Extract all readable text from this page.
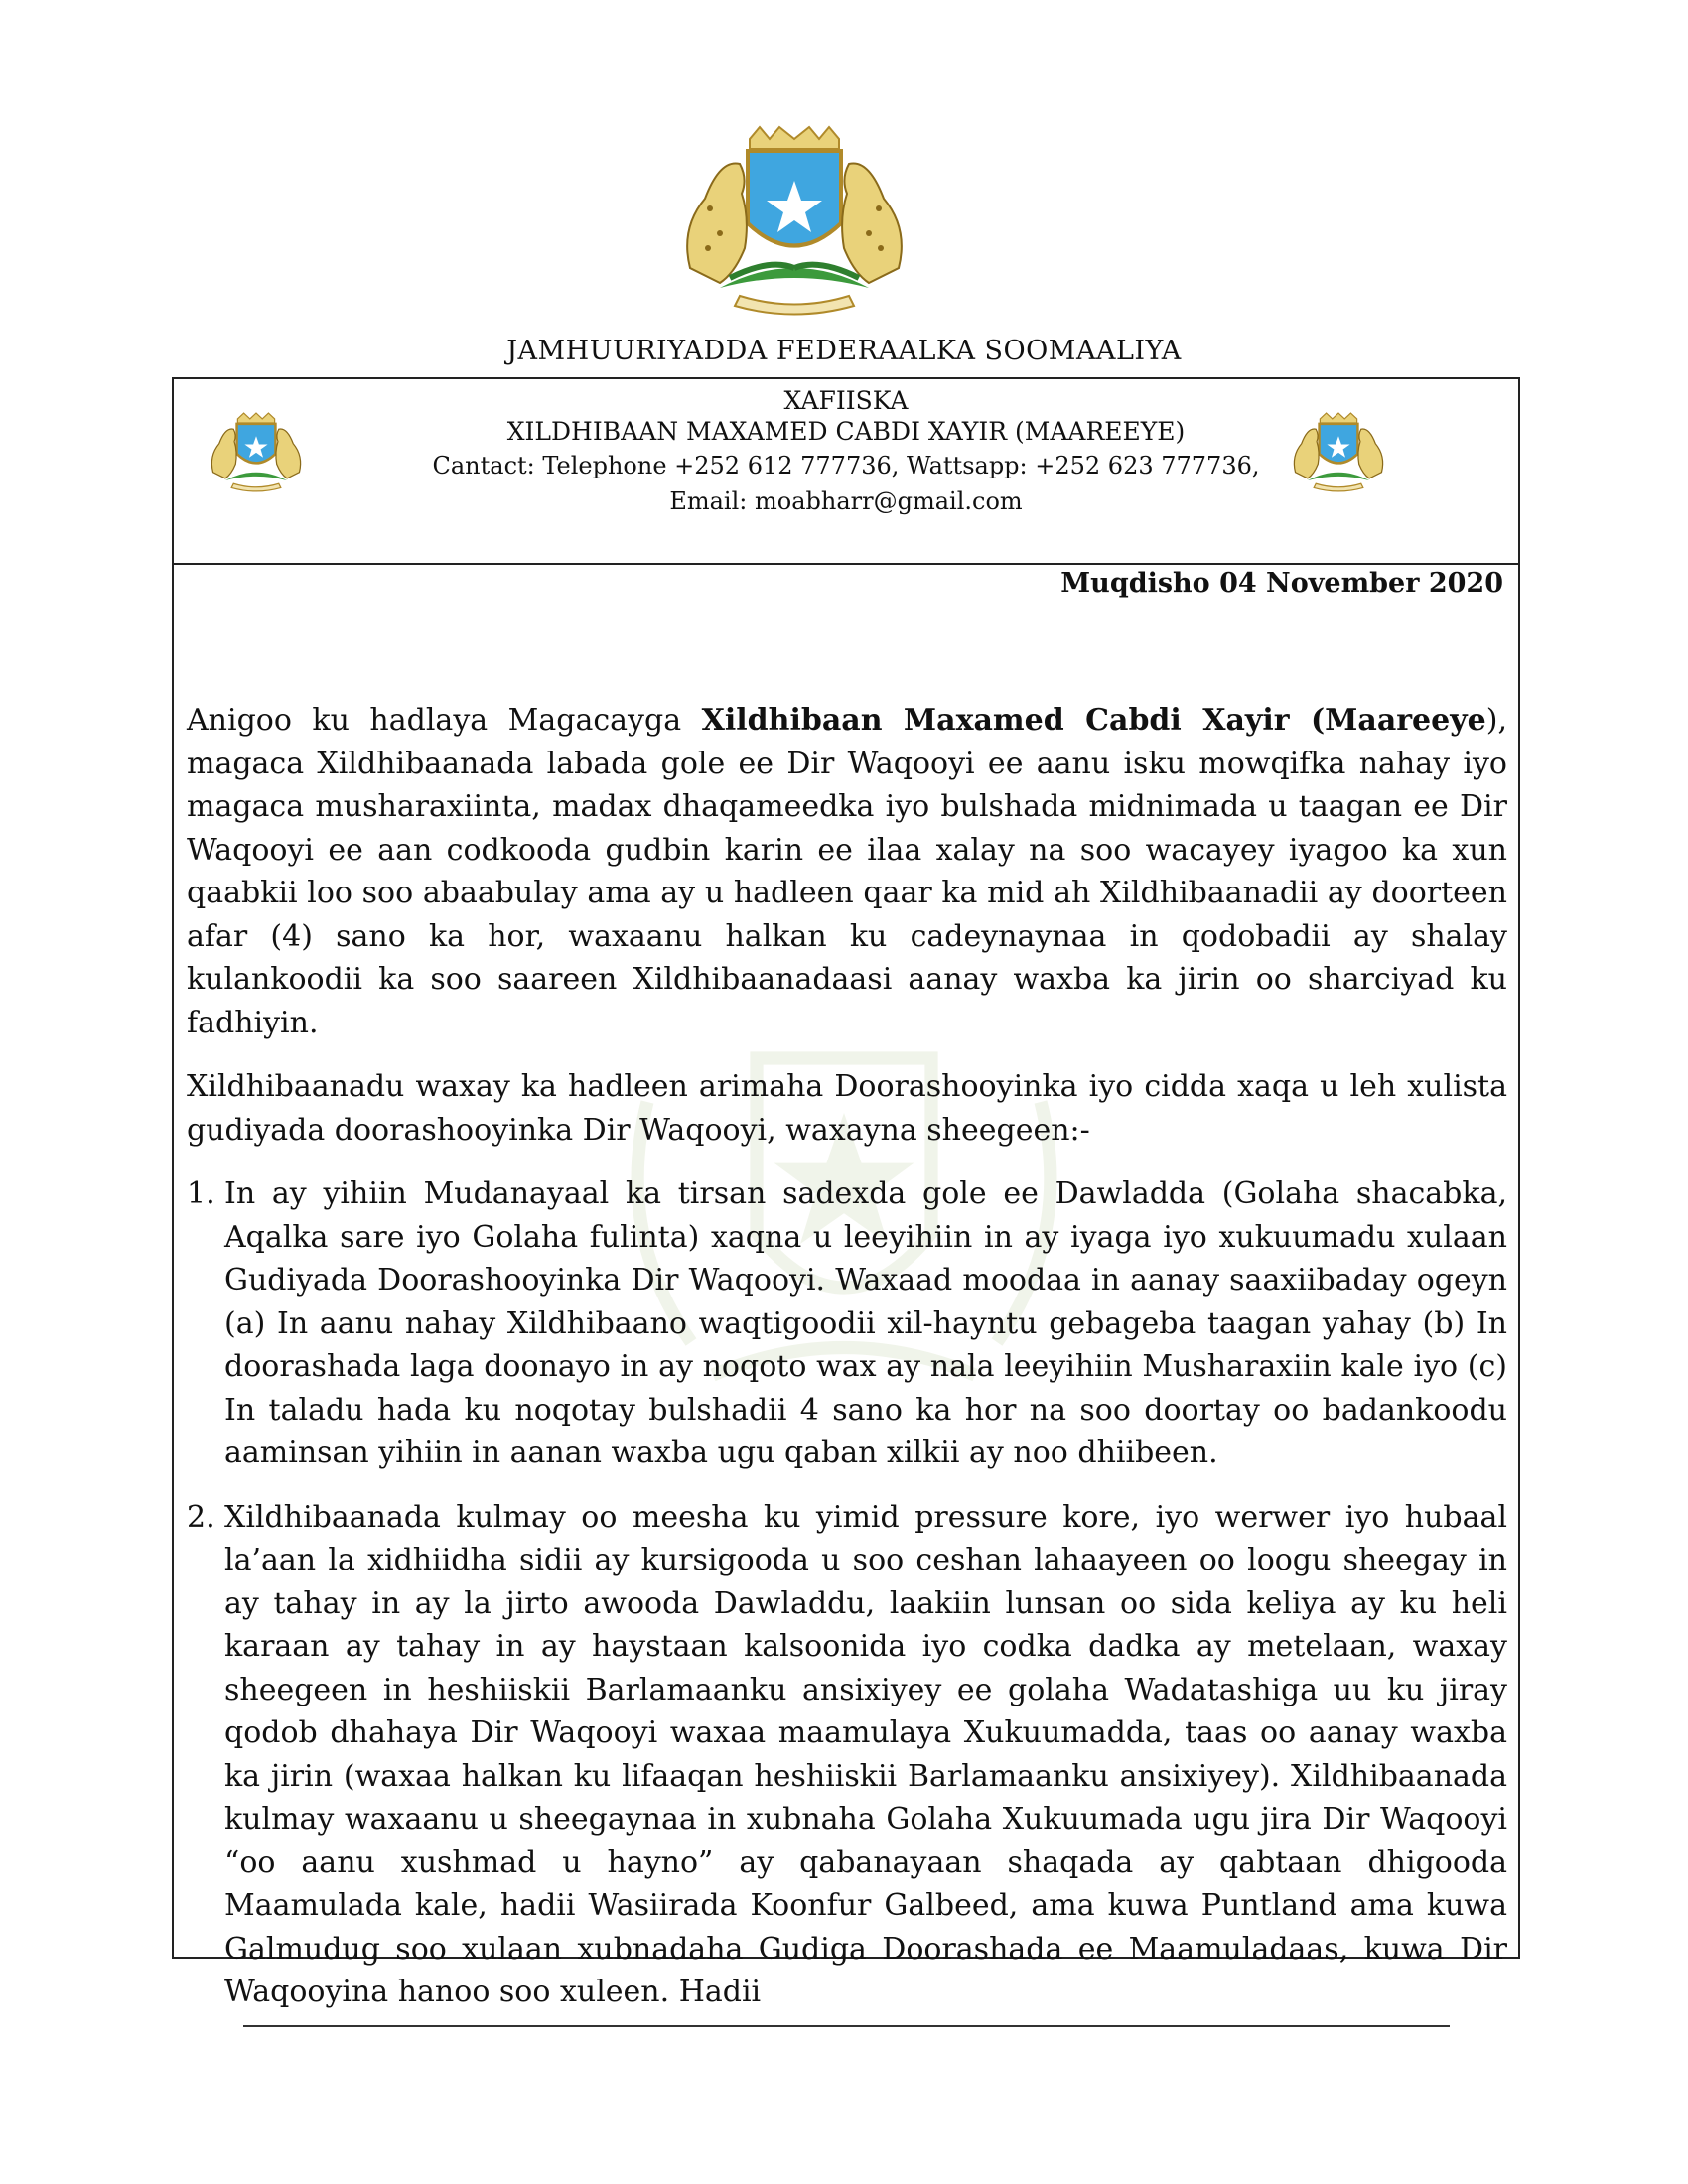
JAMHUURIYADDA FEDERAALKA SOOMAALIYA
XAFIISKA
XILDHIBAAN MAXAMED CABDI XAYIR (MAAREEYE)
Cantact: Telephone +252 612 777736, Wattsapp: +252 623 777736,
Email: moabharr@gmail.com
Muqdisho 04 November 2020

Anigoo ku hadlaya Magacayga Xildhibaan Maxamed Cabdi Xayir (Maareeye), magaca Xildhibaanada labada gole ee Dir Waqooyi ee aanu isku mowqifka nahay iyo magaca musharaxiinta, madax dhaqameedka iyo bulshada midnimada u taagan ee Dir Waqooyi ee aan codkooda gudbin karin ee ilaa xalay na soo wacayey iyagoo ka xun qaabkii loo soo abaabulay ama ay u hadleen qaar ka mid ah Xildhibaanadii ay doorteen afar (4) sano ka hor, waxaanu halkan ku cadeynaynaa in qodobadii ay shalay kulankoodii ka soo saareen Xildhibaanadaasi aanay waxba ka jirin oo sharciyad ku fadhiyin.

Xildhibaanadu waxay ka hadleen arimaha Doorashooyinka iyo cidda xaqa u leh xulista gudiyada doorashooyinka Dir Waqooyi, waxayna sheegeen:-

1. In ay yihiin Mudanayaal ka tirsan sadexda gole ee Dawladda (Golaha shacabka, Aqalka sare iyo Golaha fulinta) xaqna u leeyihiin in ay iyaga iyo xukuumadu xulaan Gudiyada Doorashooyinka Dir Waqooyi. Waxaad moodaa in aanay saaxiibaday ogeyn (a) In aanu nahay Xildhibaano waqtigoodii xil-hayntu gebageba taagan yahay (b) In doorashada laga doonayo in ay noqoto wax ay nala leeyihiin Musharaxiin kale iyo (c) In taladu hada ku noqotay bulshadii 4 sano ka hor na soo doortay oo badankoodu aaminsan yihiin in aanan waxba ugu qaban xilkii ay noo dhiibeen.
2. Xildhibaanada kulmay oo meesha ku yimid pressure kore, iyo werwer iyo hubaal la’aan la xidhiidha sidii ay kursigooda u soo ceshan lahaayeen oo loogu sheegay in ay tahay in ay la jirto awooda Dawladdu, laakiin lunsan oo sida keliya ay ku heli karaan ay tahay in ay haystaan kalsoonida iyo codka dadka ay metelaan, waxay sheegeen in heshiiskii Barlamaanku ansixiyey ee golaha Wadatashiga uu ku jiray qodob dhahaya Dir Waqooyi waxaa maamulaya Xukuumadda, taas oo aanay waxba ka jirin (waxaa halkan ku lifaaqan heshiiskii Barlamaanku ansixiyey). Xildhibaanada kulmay waxaanu u sheegaynaa in xubnaha Golaha Xukuumada ugu jira Dir Waqooyi “oo aanu xushmad u hayno” ay qabanayaan shaqada ay qabtaan dhigooda Maamulada kale, hadii Wasiirada Koonfur Galbeed, ama kuwa Puntland ama kuwa Galmudug soo xulaan xubnadaha Gudiga Doorashada ee Maamuladaas, kuwa Dir Waqooyina hanoo soo xuleen. Hadii
